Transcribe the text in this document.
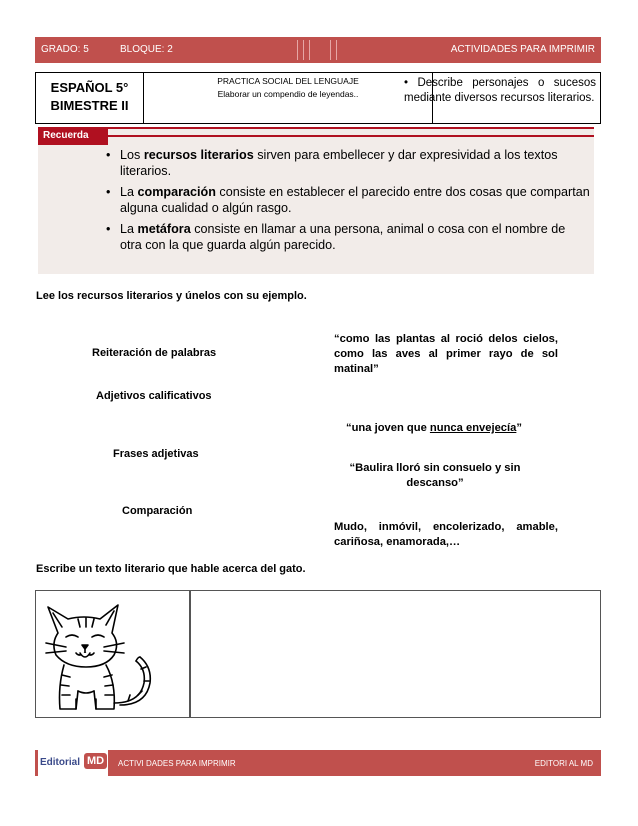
GRADO: 5	BLOQUE: 2	ACTIVIDADES PARA IMPRIMIR
ESPAÑOL 5°
BIMESTRE II
PRACTICA SOCIAL DEL LENGUAJE
Elaborar un compendio de leyendas..
• Describe personajes o sucesos mediante diversos recursos literarios.
• Los recursos literarios sirven para embellecer y dar expresividad a los textos literarios.
• La comparación consiste en establecer el parecido entre dos cosas que compartan alguna cualidad o algún rasgo.
• La metáfora consiste en llamar a una persona, animal o cosa con el nombre de otra con la que guarda algún parecido.
Recuerda
Lee los recursos literarios y únelos con su ejemplo.
Reiteración de palabras
Adjetivos calificativos
Frases adjetivas
Comparación
“como las plantas al roció delos cielos, como las aves al primer rayo de sol matinal”
“una joven que nunca envejecía”
“Baulira lloró sin consuelo y sin descanso”
Mudo, inmóvil, encolerizado, amable, cariñosa, enamorada,…
Escribe un texto literario que hable acerca del gato.
ACTIVI DADES PARA IMPRIMIR	EDITORI AL MD
Editorial MD
